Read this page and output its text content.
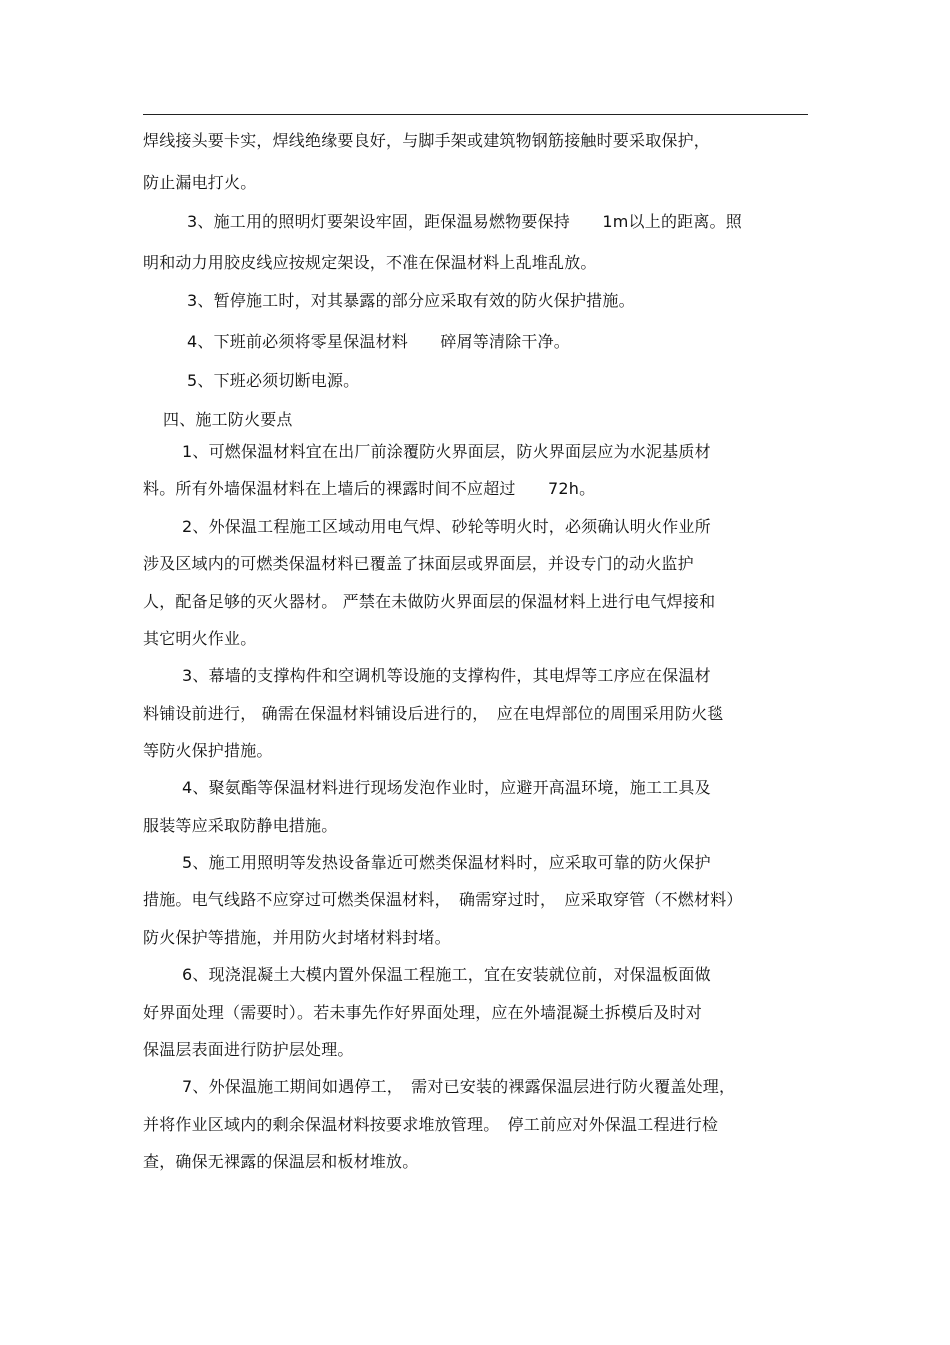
焊线接头要卡实，焊线绝缘要良好，与脚手架或建筑物钢筋接触时要采取保护，

防止漏电打火。

3、施工用的照明灯要架设牢固，距保温易燃物要保持　　1m以上的距离。照

明和动力用胶皮线应按规定架设，不准在保温材料上乱堆乱放。

3、暂停施工时，对其暴露的部分应采取有效的防火保护措施。

4、下班前必须将零星保温材料　　碎屑等清除干净。

5、下班必须切断电源。

四、施工防火要点

1、可燃保温材料宜在出厂前涂覆防火界面层，防火界面层应为水泥基质材

料。所有外墙保温材料在上墙后的裸露时间不应超过　　72h。

2、外保温工程施工区域动用电气焊、砂轮等明火时，必须确认明火作业所

涉及区域内的可燃类保温材料已覆盖了抹面层或界面层，并设专门的动火监护

人，配备足够的灭火器材。 严禁在未做防火界面层的保温材料上进行电气焊接和

其它明火作业。

3、幕墙的支撑构件和空调机等设施的支撑构件，其电焊等工序应在保温材

料铺设前进行， 确需在保温材料铺设后进行的，　应在电焊部位的周围采用防火毯

等防火保护措施。

4、聚氨酯等保温材料进行现场发泡作业时，应避开高温环境，施工工具及

服装等应采取防静电措施。

5、施工用照明等发热设备靠近可燃类保温材料时，应采取可靠的防火保护

措施。电气线路不应穿过可燃类保温材料，　确需穿过时，　应采取穿管（不燃材料）

防火保护等措施，并用防火封堵材料封堵。

6、现浇混凝土大模内置外保温工程施工，宜在安装就位前，对保温板面做

好界面处理（需要时）。若未事先作好界面处理，应在外墙混凝土拆模后及时对

保温层表面进行防护层处理。

7、外保温施工期间如遇停工，　需对已安装的裸露保温层进行防火覆盖处理，

并将作业区域内的剩余保温材料按要求堆放管理。　停工前应对外保温工程进行检

查，确保无裸露的保温层和板材堆放。
